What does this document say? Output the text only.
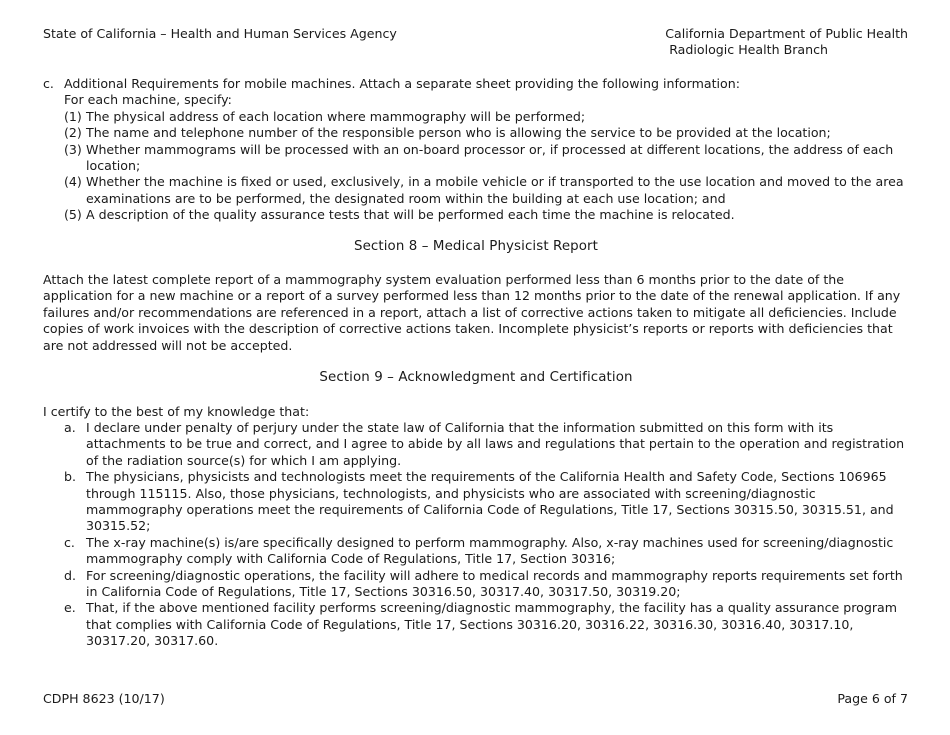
State of California – Health and Human Services Agency	California Department of Public Health
Radiologic Health Branch
c. Additional Requirements for mobile machines. Attach a separate sheet providing the following information:
For each machine, specify:
(1) The physical address of each location where mammography will be performed;
(2) The name and telephone number of the responsible person who is allowing the service to be provided at the location;
(3) Whether mammograms will be processed with an on-board processor or, if processed at different locations, the address of each location;
(4) Whether the machine is fixed or used, exclusively, in a mobile vehicle or if transported to the use location and moved to the area examinations are to be performed, the designated room within the building at each use location; and
(5) A description of the quality assurance tests that will be performed each time the machine is relocated.
Section 8 – Medical Physicist Report

Attach the latest complete report of a mammography system evaluation performed less than 6 months prior to the date of the application for a new machine or a report of a survey performed less than 12 months prior to the date of the renewal application. If any failures and/or recommendations are referenced in a report, attach a list of corrective actions taken to mitigate all deficiencies. Include copies of work invoices with the description of corrective actions taken. Incomplete physicist’s reports or reports with deficiencies that are not addressed will not be accepted.

Section 9 – Acknowledgment and Certification
I certify to the best of my knowledge that:
a. I declare under penalty of perjury under the state law of California that the information submitted on this form with its attachments to be true and correct, and I agree to abide by all laws and regulations that pertain to the operation and registration of the radiation source(s) for which I am applying.
b. The physicians, physicists and technologists meet the requirements of the California Health and Safety Code, Sections 106965 through 115115. Also, those physicians, technologists, and physicists who are associated with screening/diagnostic mammography operations meet the requirements of California Code of Regulations, Title 17, Sections 30315.50, 30315.51, and 30315.52;
c. The x-ray machine(s) is/are specifically designed to perform mammography. Also, x-ray machines used for screening/diagnostic mammography comply with California Code of Regulations, Title 17, Section 30316;
d. For screening/diagnostic operations, the facility will adhere to medical records and mammography reports requirements set forth in California Code of Regulations, Title 17, Sections 30316.50, 30317.40, 30317.50, 30319.20;
e. That, if the above mentioned facility performs screening/diagnostic mammography, the facility has a quality assurance program that complies with California Code of Regulations, Title 17, Sections 30316.20, 30316.22, 30316.30, 30316.40, 30317.10, 30317.20, 30317.60.
CDPH 8623 (10/17)	Page 6 of 7
